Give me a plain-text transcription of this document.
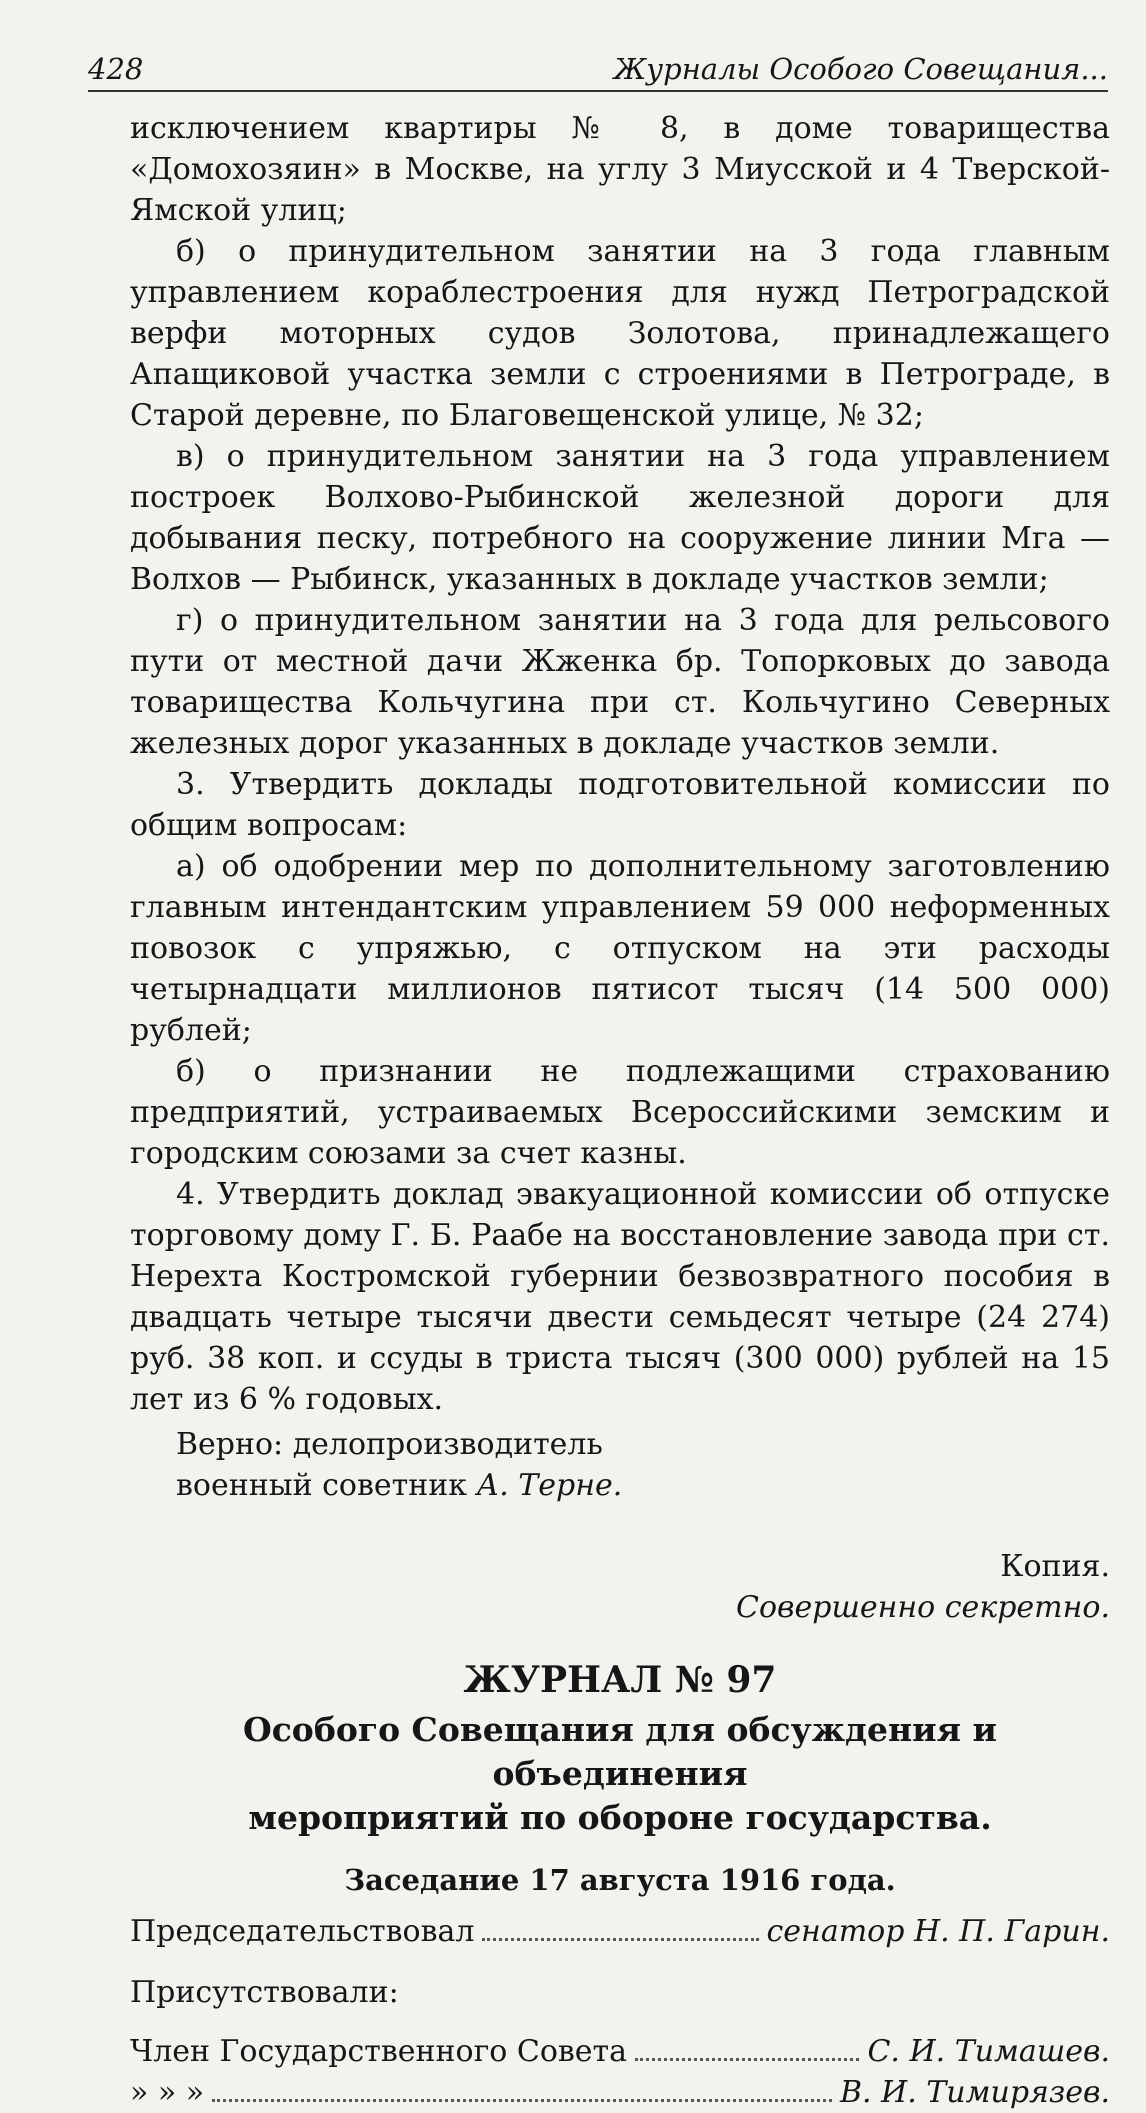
428	Журналы Особого Совещания...

исключением квартиры № 8, в доме товарищества «Домохозяин» в Москве, на углу 3 Миусской и 4 Тверской-Ямской улиц;

б) о принудительном занятии на 3 года главным управлением кораблестроения для нужд Петроградской верфи моторных судов Золотова, принадлежащего Апащиковой участка земли с строениями в Петрограде, в Старой деревне, по Благовещенской улице, № 32;

в) о принудительном занятии на 3 года управлением построек Волхово-Рыбинской железной дороги для добывания песку, потребного на сооружение линии Мга — Волхов — Рыбинск, указанных в докладе участков земли;

г) о принудительном занятии на 3 года для рельсового пути от местной дачи Жженка бр. Топорковых до завода товарищества Кольчугина при ст. Кольчугино Северных железных дорог указанных в докладе участков земли.

3. Утвердить доклады подготовительной комиссии по общим вопросам:

а) об одобрении мер по дополнительному заготовлению главным интендантским управлением 59 000 неформенных повозок с упряжью, с отпуском на эти расходы четырнадцати миллионов пятисот тысяч (14 500 000) рублей;

б) о признании не подлежащими страхованию предприятий, устраиваемых Всероссийскими земским и городским союзами за счет казны.

4. Утвердить доклад эвакуационной комиссии об отпуске торговому дому Г. Б. Раабе на восстановление завода при ст. Нерехта Костромской губернии безвозвратного пособия в двадцать четыре тысячи двести семьдесят четыре (24 274) руб. 38 коп. и ссуды в триста тысяч (300 000) рублей на 15 лет из 6 % годовых.

Верно: делопроизводитель

военный советник А. Терне.

Копия.

Совершенно секретно.

ЖУРНАЛ № 97
Особого Совещания для обсуждения и объединения
мероприятий по обороне государства.
Заседание 17 августа 1916 года.
Председательствовал	сенатор Н. П. Гарин.

Присутствовали:

Член Государственного Совета	С. И. Тимашев.
» » »	В. И. Тимирязев.
